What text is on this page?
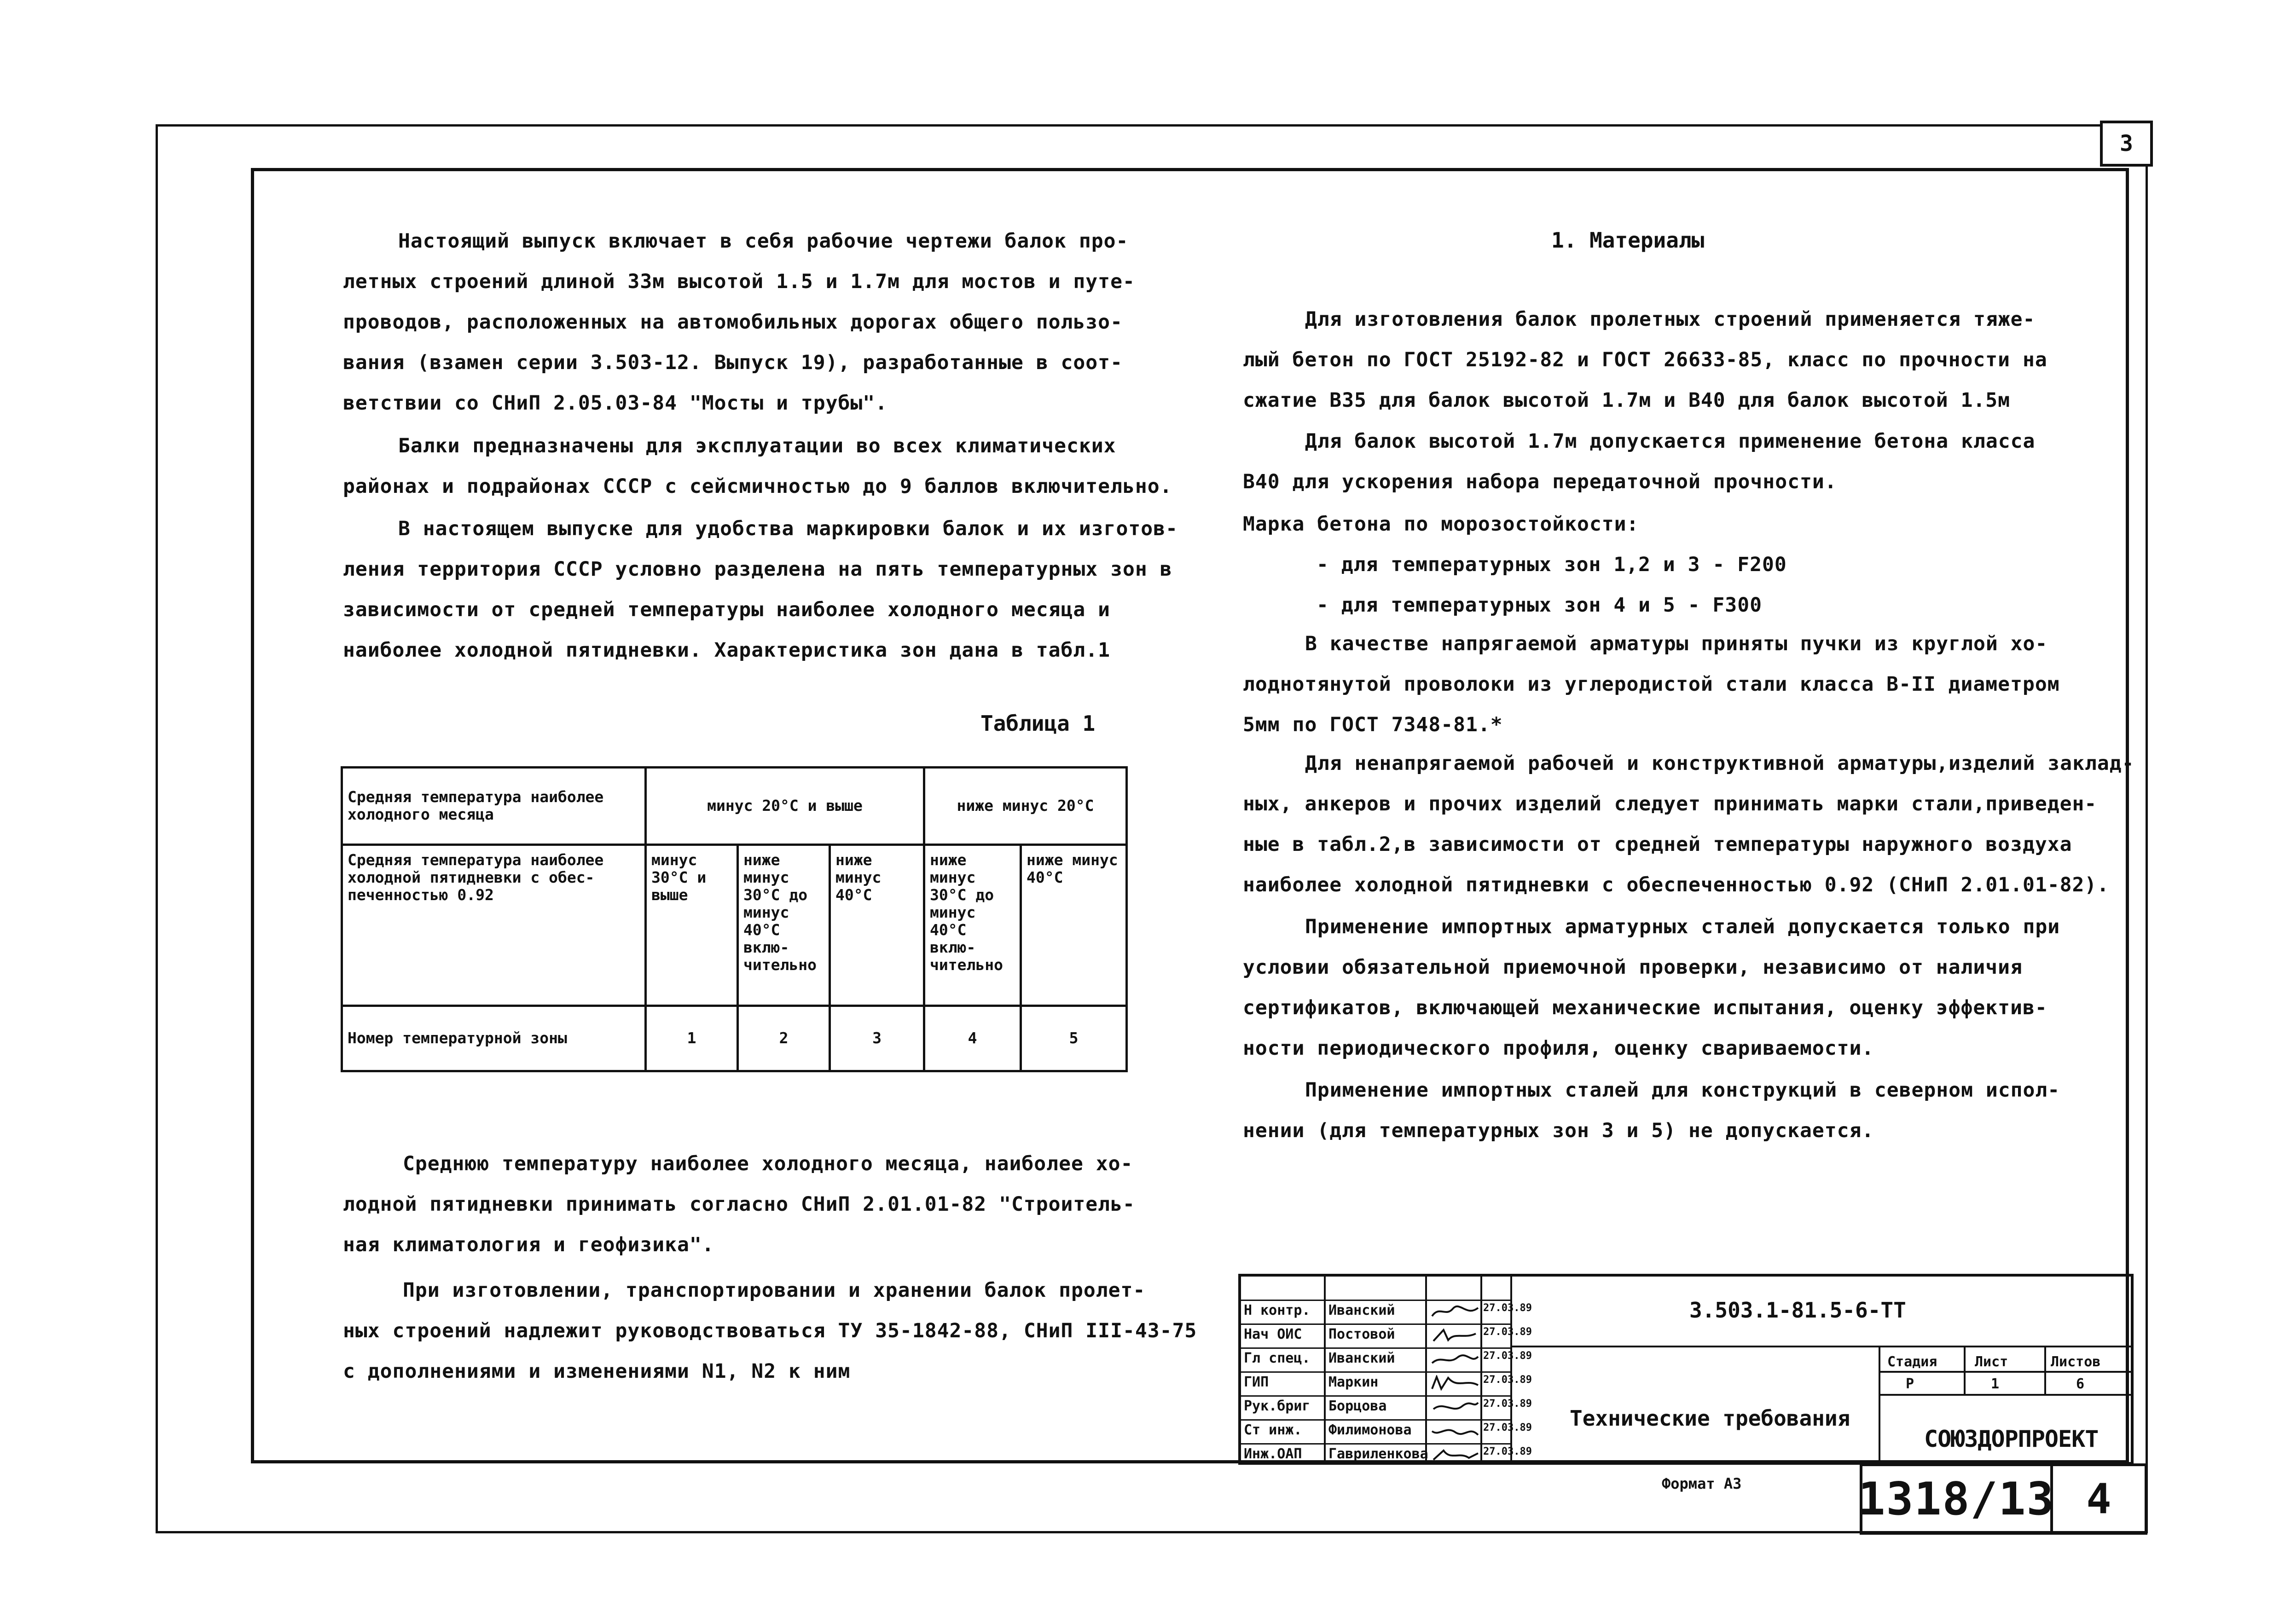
3
Настоящий выпуск включает в себя рабочие чертежи балок про-
летных строений длиной 33м высотой 1.5 и 1.7м для мостов и путе-
проводов, расположенных на автомобильных дорогах общего пользо-
вания (взамен серии 3.503-12. Выпуск 19), разработанные в соот-
ветствии со СНиП 2.05.03-84 "Мосты и трубы".
Балки предназначены для эксплуатации во всех климатических
районах и подрайонах СССР с сейсмичностью до 9 баллов включительно.
В настоящем выпуске для удобства маркировки балок и их изготов-
ления территория СССР условно разделена на пять температурных зон в
зависимости от средней температуры наиболее холодного месяца и
наиболее холодной пятидневки. Характеристика зон дана в табл.1
Таблица 1
Средняя температура наиболее холодного месяца	минус 20°С и выше			ниже минус 20°С	
Средняя температура наиболее холодной пятидневки с обес-печенностью 0.92	минус 30°С и выше	ниже минус 30°С до минус 40°С вклю-чительно	ниже минус 40°С	ниже минус 30°С до минус 40°С вклю-чительно	ниже минус 40°С
Номер температурной зоны	1	2	3	4	5
Среднюю температуру наиболее холодного месяца, наиболее хо-
лодной пятидневки принимать согласно СНиП 2.01.01-82 "Строитель-
ная климатология и геофизика".
При изготовлении, транспортировании и хранении балок пролет-
ных строений надлежит руководствоваться ТУ 35-1842-88, СНиП III-43-75
с дополнениями и изменениями N1, N2 к ним
1. Материалы
Для изготовления балок пролетных строений применяется тяже-
лый бетон по ГОСТ 25192-82 и ГОСТ 26633-85, класс по прочности на
сжатие В35 для балок высотой 1.7м и В40 для балок высотой 1.5м
Для балок высотой 1.7м допускается применение бетона класса
В40 для ускорения набора передаточной прочности.
Марка бетона по морозостойкости:
- для температурных зон 1,2 и 3 - F200
- для температурных зон 4 и 5 - F300
В качестве напрягаемой арматуры приняты пучки из круглой хо-
лоднотянутой проволоки из углеродистой стали класса В-II диаметром
5мм по ГОСТ 7348-81.*
Для ненапрягаемой рабочей и конструктивной арматуры,изделий заклад-
ных, анкеров и прочих изделий следует принимать марки стали,приведен-
ные в табл.2,в зависимости от средней температуры наружного воздуха
наиболее холодной пятидневки с обеспеченностью 0.92 (СНиП 2.01.01-82).
Применение импортных арматурных сталей допускается только при
условии обязательной приемочной проверки, независимо от наличия
сертификатов, включающей механические испытания, оценку эффектив-
ности периодического профиля, оценку свариваемости.
Применение импортных сталей для конструкций в северном испол-
нении (для температурных зон 3 и 5) не допускается.
Н контр. Иванский	27.03.89
Нач ОИС Постовой	27.03.89
Гл спец. Иванский	27.03.89
ГИП	Маркин	27.03.89
Рук.бриг Борцова	27.03.89
Ст инж. Филимонова	27.03.89
Инж.ОАП Гавриленкова	27.03.89
3.503.1-81.5-6-ТТ
Технические требования
Стадия	Лист	Листов
Р	1	6
СОЮЗДОРПРОЕКТ
Формат А3	1318/13 4
